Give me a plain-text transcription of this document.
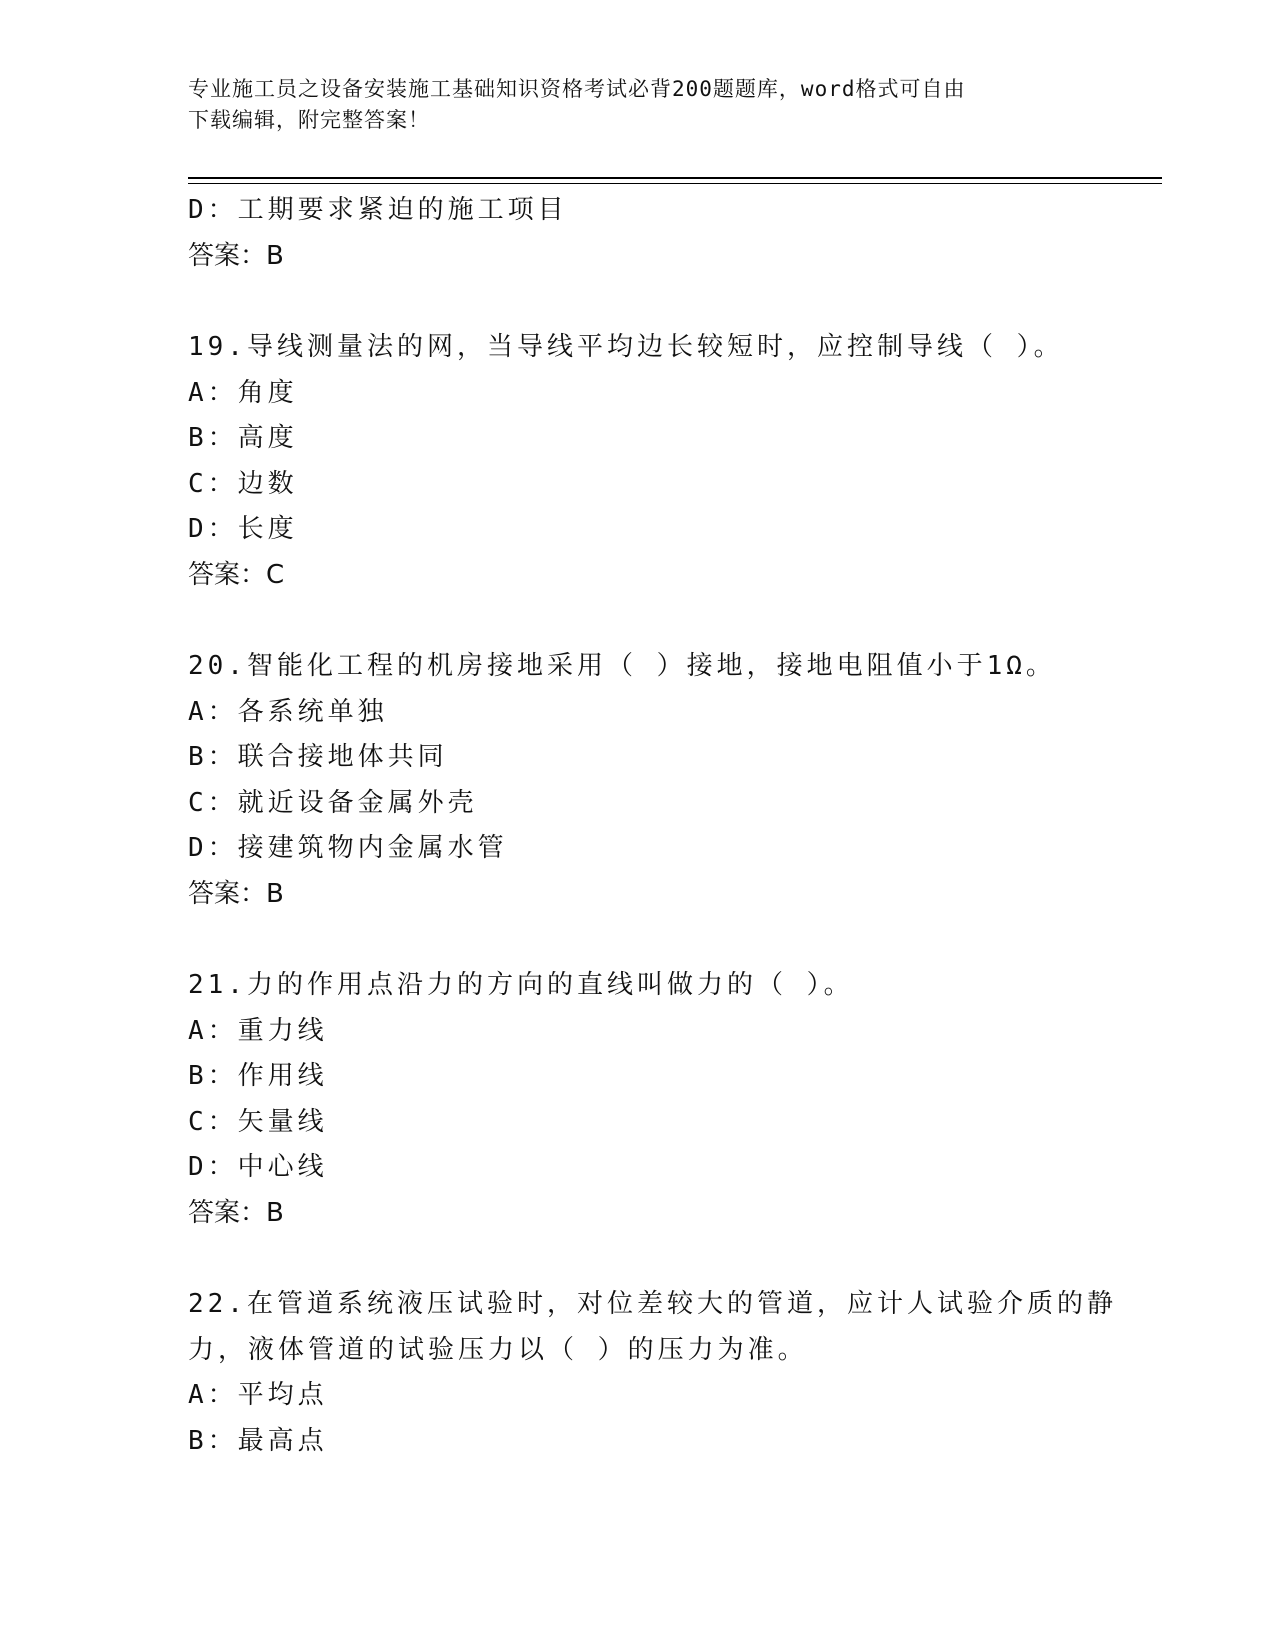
专业施工员之设备安装施工基础知识资格考试必背200题题库，word格式可自由
下载编辑，附完整答案！
D：工期要求紧迫的施工项目
答案：B
19.导线测量法的网，当导线平均边长较短时，应控制导线（ ）。
A：角度
B：高度
C：边数
D：长度
答案：C
20.智能化工程的机房接地采用（ ）接地，接地电阻值小于1Ω。
A：各系统单独
B：联合接地体共同
C：就近设备金属外壳
D：接建筑物内金属水管
答案：B
21.力的作用点沿力的方向的直线叫做力的（ ）。
A：重力线
B：作用线
C：矢量线
D：中心线
答案：B
22.在管道系统液压试验时，对位差较大的管道，应计人试验介质的静
力，液体管道的试验压力以（ ）的压力为准。
A：平均点
B：最高点
